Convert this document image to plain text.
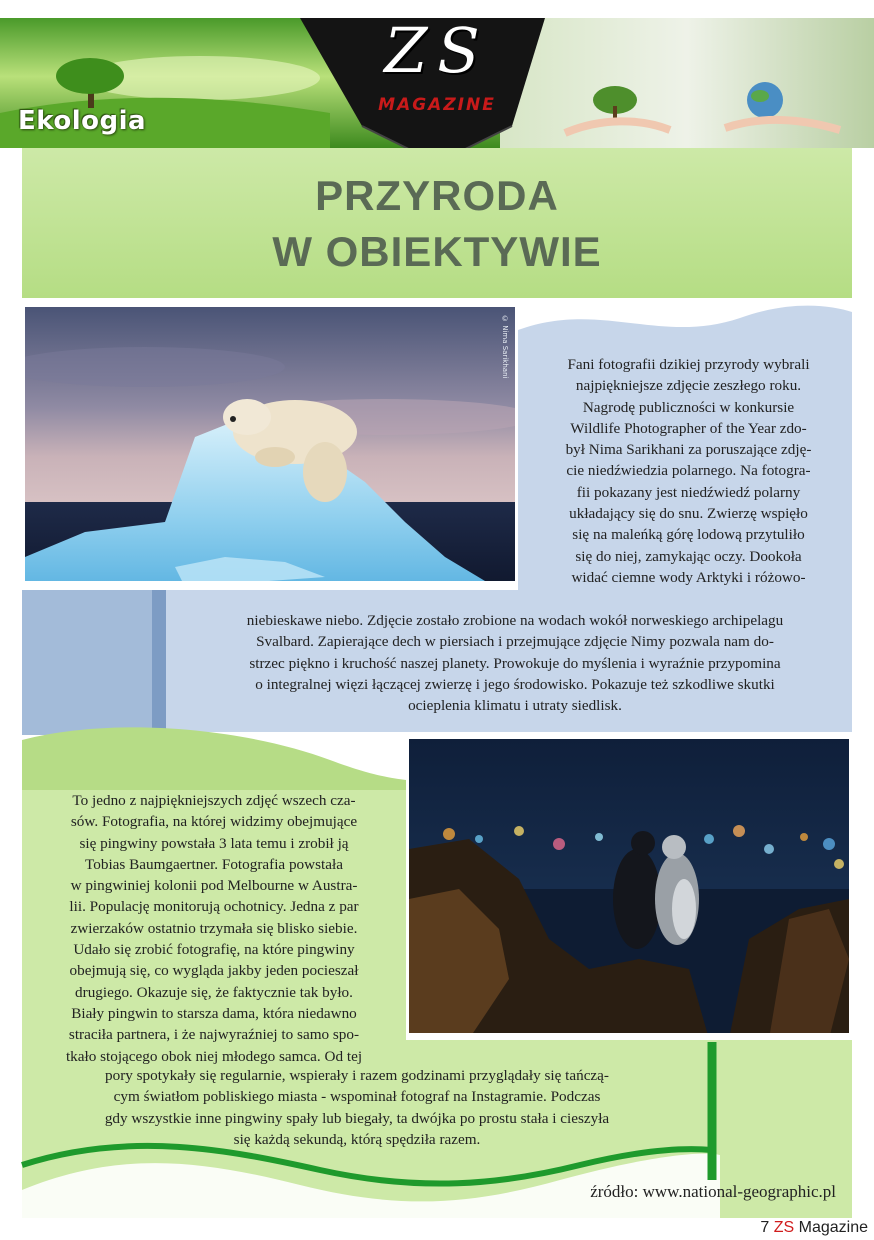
Ekologia
ZS
MAGAZINE
PRZYRODA
W OBIEKTYWIE
© Nima Sarikhani	Fani fotografii dzikiej przyrody wybrali
najpiękniejsze zdjęcie zeszłego roku.
Nagrodę publiczności w konkursie
Wildlife Photographer of the Year zdo-
był Nima Sarikhani za poruszające zdję-
cie niedźwiedzia polarnego. Na fotogra-
fii pokazany jest niedźwiedź polarny
układający się do snu. Zwierzę wspięło
się na maleńką górę lodową przytuliło
się do niej, zamykając oczy. Dookoła
widać ciemne wody Arktyki i różowo-
niebieskawe niebo. Zdjęcie zostało zrobione na wodach wokół norweskiego archipelagu
Svalbard. Zapierające dech w piersiach i przejmujące zdjęcie Nimy pozwala nam do-
strzec piękno i kruchość naszej planety. Prowokuje do myślenia i wyraźnie przypomina
o integralnej więzi łączącej zwierzę i jego środowisko. Pokazuje też szkodliwe skutki
ocieplenia klimatu i utraty siedlisk.
To jedno z najpiękniejszych zdjęć wszech cza-
sów. Fotografia, na której widzimy obejmujące
się pingwiny powstała 3 lata temu i zrobił ją
Tobias Baumgaertner. Fotografia powstała
w pingwiniej kolonii pod Melbourne w Austra-
lii. Populację monitorują ochotnicy. Jedna z par
zwierzaków ostatnio trzymała się blisko siebie.
Udało się zrobić fotografię, na które pingwiny
obejmują się, co wygląda jakby jeden pocieszał
drugiego. Okazuje się, że faktycznie tak było.
Biały pingwin to starsza dama, która niedawno
straciła partnera, i że najwyraźniej to samo spo-
tkało stojącego obok niej młodego samca. Od tej
pory spotykały się regularnie, wspierały i razem godzinami przyglądały się tańczą-
cym światłom pobliskiego miasta - wspominał fotograf na Instagramie. Podczas
gdy wszystkie inne pingwiny spały lub biegały, ta dwójka po prostu stała i cieszyła
się każdą sekundą, którą spędziła razem.
źródło: www.national-geographic.pl
7 ZS Magazine
